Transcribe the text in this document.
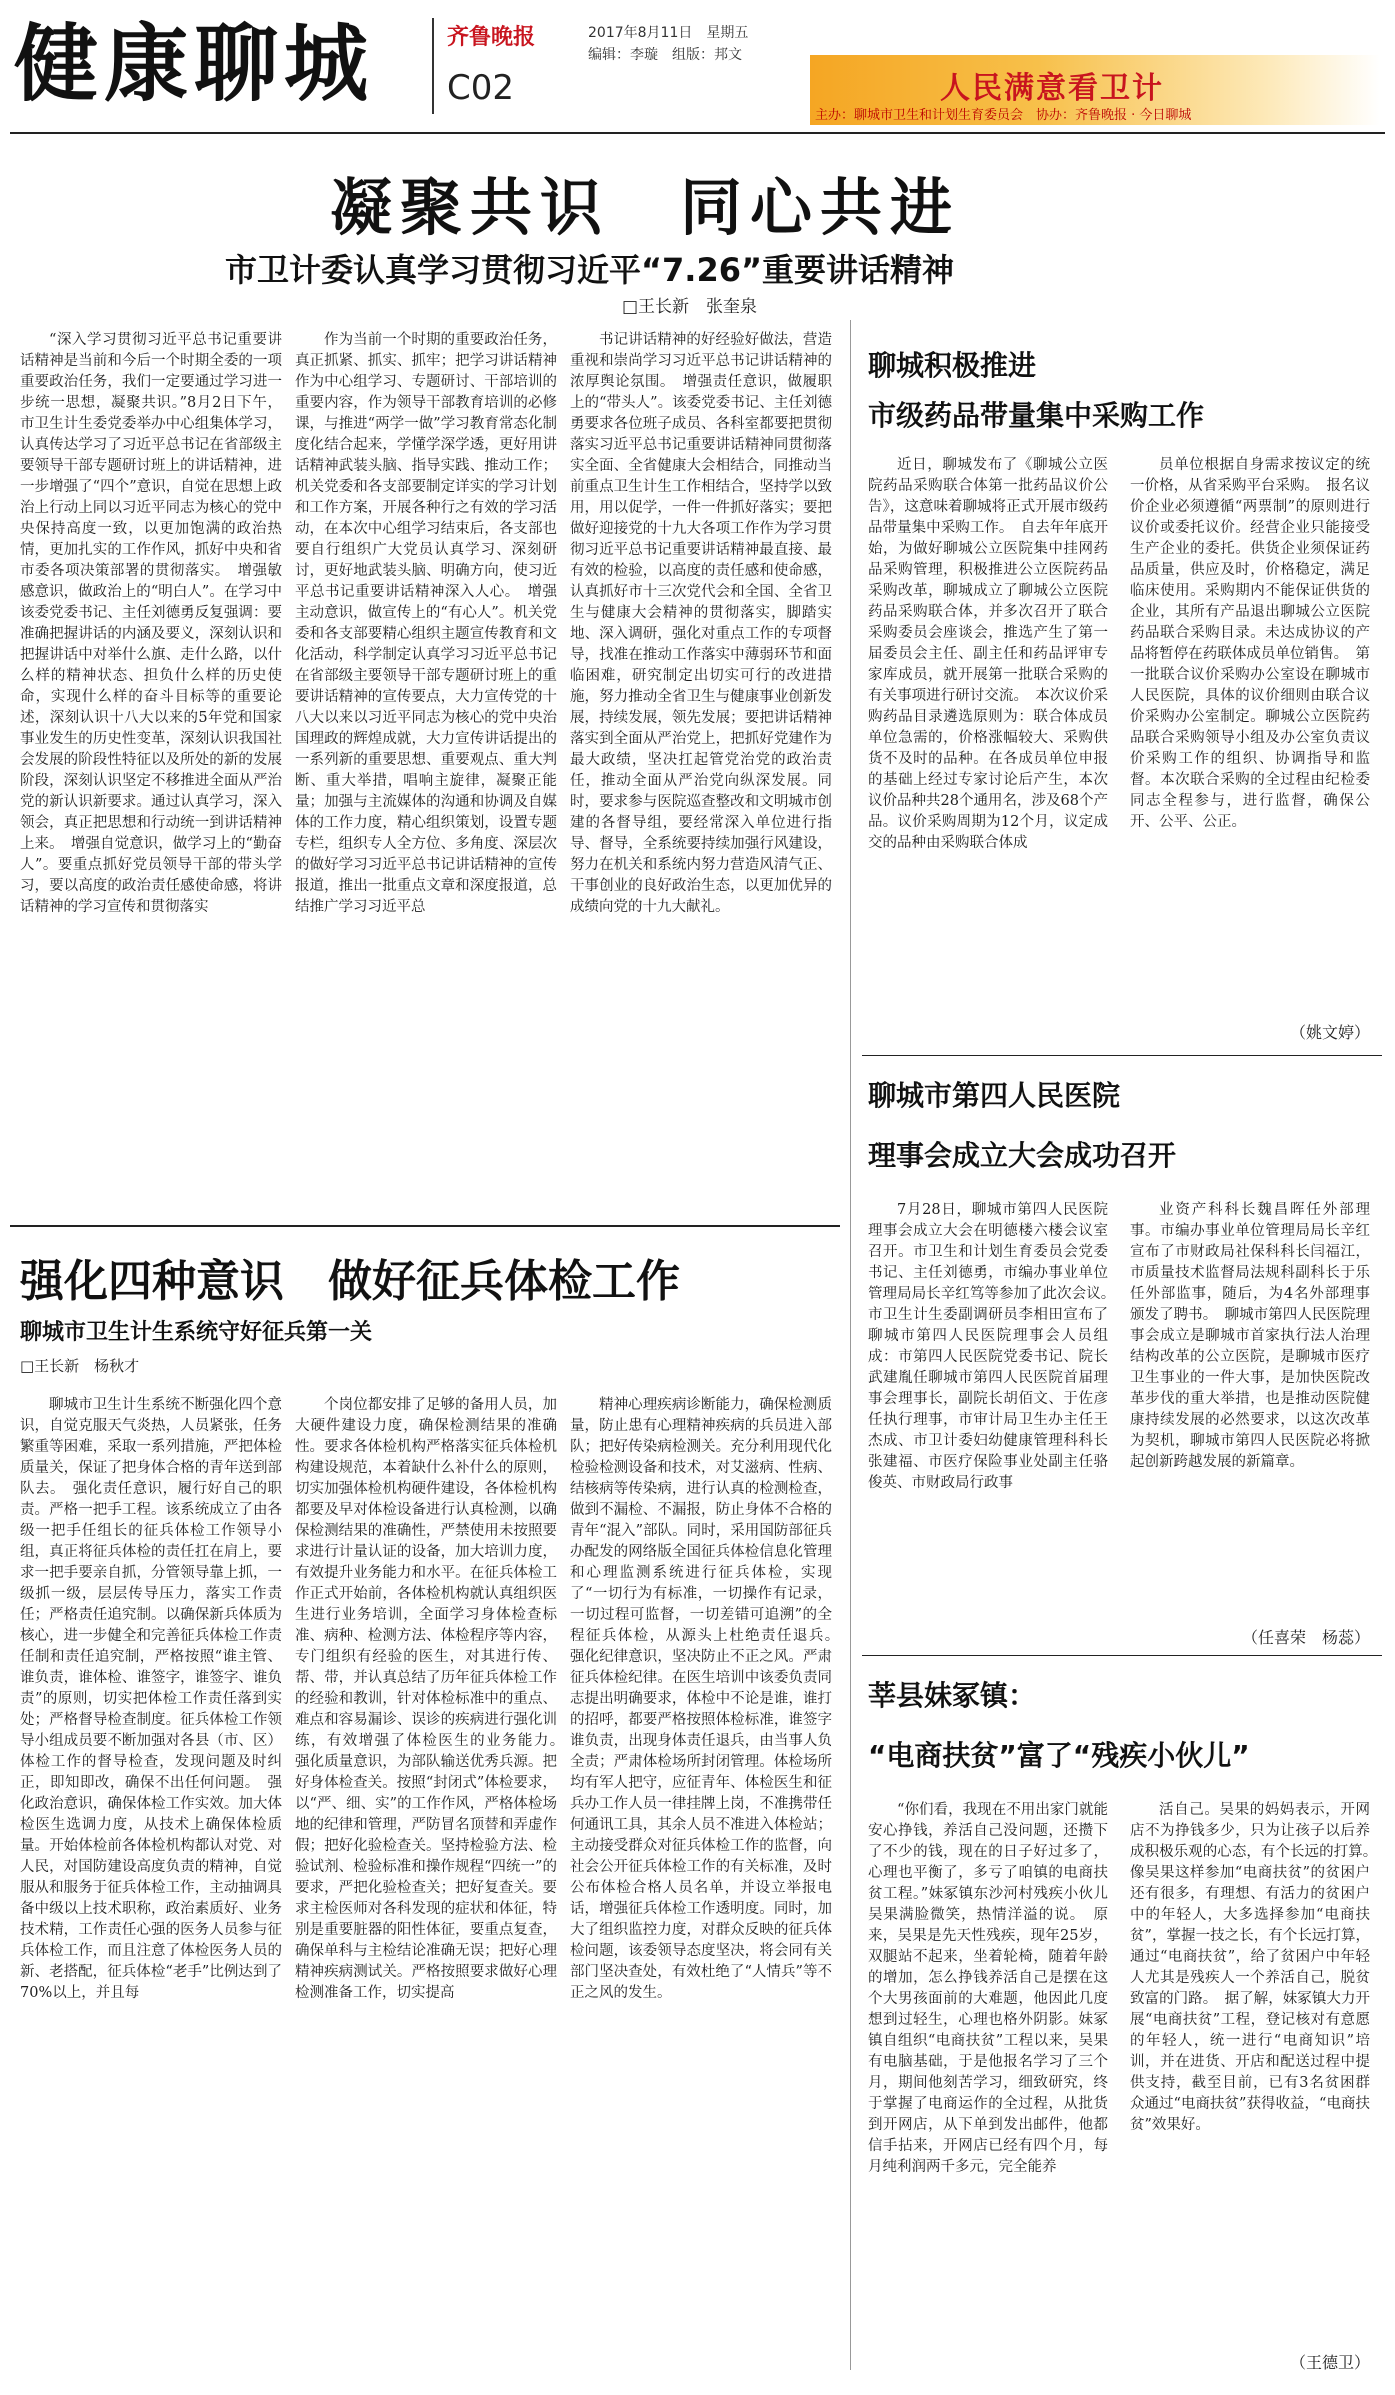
健康聊城	齐鲁晚报
C02
2017年8月11日　星期五
编辑：李璇　组版：邦文
人民满意看卫计
主办：聊城市卫生和计划生育委员会　协办：齐鲁晚报 · 今日聊城
凝聚共识　同心共进
市卫计委认真学习贯彻习近平“7.26”重要讲话精神
□王长新　张奎泉

“深入学习贯彻习近平总书记重要讲话精神是当前和今后一个时期全委的一项重要政治任务，我们一定要通过学习进一步统一思想，凝聚共识。”8月2日下午，市卫生计生委党委举办中心组集体学习，认真传达学习了习近平总书记在省部级主要领导干部专题研讨班上的讲话精神，进一步增强了“四个”意识，自觉在思想上政治上行动上同以习近平同志为核心的党中央保持高度一致，以更加饱满的政治热情，更加扎实的工作作风，抓好中央和省市委各项决策部署的贯彻落实。　增强敏感意识，做政治上的“明白人”。在学习中该委党委书记、主任刘德勇反复强调：要准确把握讲话的内涵及要义，深刻认识和把握讲话中对举什么旗、走什么路，以什么样的精神状态、担负什么样的历史使命，实现什么样的奋斗目标等的重要论述，深刻认识十八大以来的5年党和国家事业发生的历史性变革，深刻认识我国社会发展的阶段性特征以及所处的新的发展阶段，深刻认识坚定不移推进全面从严治党的新认识新要求。通过认真学习，深入领会，真正把思想和行动统一到讲话精神上来。　增强自觉意识，做学习上的“勤奋人”。要重点抓好党员领导干部的带头学习，要以高度的政治责任感使命感，将讲话精神的学习宣传和贯彻落实

作为当前一个时期的重要政治任务，真正抓紧、抓实、抓牢；把学习讲话精神作为中心组学习、专题研讨、干部培训的重要内容，作为领导干部教育培训的必修课，与推进“两学一做”学习教育常态化制度化结合起来，学懂学深学透，更好用讲话精神武装头脑、指导实践、推动工作；机关党委和各支部要制定详实的学习计划和工作方案，开展各种行之有效的学习活动，在本次中心组学习结束后，各支部也要自行组织广大党员认真学习、深刻研讨，更好地武装头脑、明确方向，使习近平总书记重要讲话精神深入人心。　增强主动意识，做宣传上的“有心人”。机关党委和各支部要精心组织主题宣传教育和文化活动，科学制定认真学习习近平总书记在省部级主要领导干部专题研讨班上的重要讲话精神的宣传要点，大力宣传党的十八大以来以习近平同志为核心的党中央治国理政的辉煌成就，大力宣传讲话提出的一系列新的重要思想、重要观点、重大判断、重大举措，唱响主旋律，凝聚正能量；加强与主流媒体的沟通和协调及自媒体的工作力度，精心组织策划，设置专题专栏，组织专人全方位、多角度、深层次的做好学习习近平总书记讲话精神的宣传报道，推出一批重点文章和深度报道，总结推广学习习近平总

书记讲话精神的好经验好做法，营造重视和崇尚学习习近平总书记讲话精神的浓厚舆论氛围。　增强责任意识，做履职上的“带头人”。该委党委书记、主任刘德勇要求各位班子成员、各科室都要把贯彻落实习近平总书记重要讲话精神同贯彻落实全面、全省健康大会相结合，同推动当前重点卫生计生工作相结合，坚持学以致用，用以促学，一件一件抓好落实；要把做好迎接党的十九大各项工作作为学习贯彻习近平总书记重要讲话精神最直接、最有效的检验，以高度的责任感和使命感，认真抓好市十三次党代会和全国、全省卫生与健康大会精神的贯彻落实，脚踏实地、深入调研，强化对重点工作的专项督导，找准在推动工作落实中薄弱环节和面临困难，研究制定出切实可行的改进措施，努力推动全省卫生与健康事业创新发展，持续发展，领先发展；要把讲话精神落实到全面从严治党上，把抓好党建作为最大政绩，坚决扛起管党治党的政治责任，推动全面从严治党向纵深发展。同时，要求参与医院巡查整改和文明城市创建的各督导组，要经常深入单位进行指导、督导，全系统要持续加强行风建设，努力在机关和系统内努力营造风清气正、干事创业的良好政治生态，以更加优异的成绩向党的十九大献礼。

强化四种意识　做好征兵体检工作
聊城市卫生计生系统守好征兵第一关
□王长新　杨秋才

聊城市卫生计生系统不断强化四个意识，自觉克服天气炎热，人员紧张，任务繁重等困难，采取一系列措施，严把体检质量关，保证了把身体合格的青年送到部队去。　强化责任意识，履行好自己的职责。严格一把手工程。该系统成立了由各级一把手任组长的征兵体检工作领导小组，真正将征兵体检的责任扛在肩上，要求一把手要亲自抓，分管领导靠上抓，一级抓一级，层层传导压力，落实工作责任；严格责任追究制。以确保新兵体质为核心，进一步健全和完善征兵体检工作责任制和责任追究制，严格按照“谁主管、谁负责，谁体检、谁签字，谁签字、谁负责”的原则，切实把体检工作责任落到实处；严格督导检查制度。征兵体检工作领导小组成员要不断加强对各县（市、区）体检工作的督导检查，发现问题及时纠正，即知即改，确保不出任何问题。　强化政治意识，确保体检工作实效。加大体检医生选调力度，从技术上确保体检质量。开始体检前各体检机构都认对党、对人民，对国防建设高度负责的精神，自觉服从和服务于征兵体检工作，主动抽调具备中级以上技术职称，政治素质好、业务技术精，工作责任心强的医务人员参与征兵体检工作，而且注意了体检医务人员的新、老搭配，征兵体检“老手”比例达到了70%以上，并且每

个岗位都安排了足够的备用人员，加大硬件建设力度，确保检测结果的准确性。要求各体检机构严格落实征兵体检机构建设规范，本着缺什么补什么的原则，切实加强体检机构硬件建设，各体检机构都要及早对体检设备进行认真检测，以确保检测结果的准确性，严禁使用未按照要求进行计量认证的设备，加大培训力度，有效提升业务能力和水平。在征兵体检工作正式开始前，各体检机构就认真组织医生进行业务培训，全面学习身体检查标准、病种、检测方法、体检程序等内容，专门组织有经验的医生，对其进行传、帮、带，并认真总结了历年征兵体检工作的经验和教训，针对体检标准中的重点、难点和容易漏诊、误诊的疾病进行强化训练，有效增强了体检医生的业务能力。　强化质量意识，为部队输送优秀兵源。把好身体检查关。按照“封闭式”体检要求，以“严、细、实”的工作作风，严格体检场地的纪律和管理，严防冒名顶替和弄虚作假；把好化验检查关。坚持检验方法、检验试剂、检验标准和操作规程“四统一”的要求，严把化验检查关；把好复查关。要求主检医师对各科发现的症状和体征，特别是重要脏器的阳性体征，要重点复查，确保单科与主检结论准确无误；把好心理精神疾病测试关。严格按照要求做好心理检测准备工作，切实提高

精神心理疾病诊断能力，确保检测质量，防止患有心理精神疾病的兵员进入部队；把好传染病检测关。充分利用现代化检验检测设备和技术，对艾滋病、性病、结核病等传染病，进行认真的检测检查，做到不漏检、不漏报，防止身体不合格的青年“混入”部队。同时，采用国防部征兵办配发的网络版全国征兵体检信息化管理和心理监测系统进行征兵体检，实现了“一切行为有标准，一切操作有记录，一切过程可监督，一切差错可追溯”的全程征兵体检，从源头上杜绝责任退兵。　强化纪律意识，坚决防止不正之风。严肃征兵体检纪律。在医生培训中该委负责同志提出明确要求，体检中不论是谁，谁打的招呼，都要严格按照体检标准，谁签字谁负责，出现身体责任退兵，由当事人负全责；严肃体检场所封闭管理。体检场所均有军人把守，应征青年、体检医生和征兵办工作人员一律挂牌上岗，不准携带任何通讯工具，其余人员不准进入体检站；主动接受群众对征兵体检工作的监督，向社会公开征兵体检工作的有关标准，及时公布体检合格人员名单，并设立举报电话，增强征兵体检工作透明度。同时，加大了组织监控力度，对群众反映的征兵体检问题，该委领导态度坚决，将会同有关部门坚决查处，有效杜绝了“人情兵”等不正之风的发生。

聊城积极推进
市级药品带量集中采购工作

近日，聊城发布了《聊城公立医院药品采购联合体第一批药品议价公告》，这意味着聊城将正式开展市级药品带量集中采购工作。　自去年年底开始，为做好聊城公立医院集中挂网药品采购管理，积极推进公立医院药品采购改革，聊城成立了聊城公立医院药品采购联合体，并多次召开了联合采购委员会座谈会，推选产生了第一届委员会主任、副主任和药品评审专家库成员，就开展第一批联合采购的有关事项进行研讨交流。　本次议价采购药品目录遴选原则为：联合体成员单位急需的，价格涨幅较大、采购供货不及时的品种。在各成员单位申报的基础上经过专家讨论后产生，本次议价品种共28个通用名，涉及68个产品。议价采购周期为12个月，议定成交的品种由采购联合体成

员单位根据自身需求按议定的统一价格，从省采购平台采购。　报名议价企业必须遵循“两票制”的原则进行议价或委托议价。经营企业只能接受生产企业的委托。供货企业须保证药品质量，供应及时，价格稳定，满足临床使用。采购期内不能保证供货的企业，其所有产品退出聊城公立医院药品联合采购目录。未达成协议的产品将暂停在药联体成员单位销售。　第一批联合议价采购办公室设在聊城市人民医院，具体的议价细则由联合议价采购办公室制定。聊城公立医院药品联合采购领导小组及办公室负责议价采购工作的组织、协调指导和监督。本次联合采购的全过程由纪检委同志全程参与，进行监督，确保公开、公平、公正。

（姚文婷）
聊城市第四人民医院
理事会成立大会成功召开

7月28日，聊城市第四人民医院理事会成立大会在明德楼六楼会议室召开。市卫生和计划生育委员会党委书记、主任刘德勇，市编办事业单位管理局局长辛红笃等参加了此次会议。　市卫生计生委副调研员李相田宣布了聊城市第四人民医院理事会人员组成：市第四人民医院党委书记、院长武建胤任聊城市第四人民医院首届理事会理事长，副院长胡佰文、于佐彦任执行理事，市审计局卫生办主任王杰成、市卫计委妇幼健康管理科科长张建福、市医疗保险事业处副主任骆俊英、市财政局行政事

业资产科科长魏昌晖任外部理事。市编办事业单位管理局局长辛红宣布了市财政局社保科科长闫福江，市质量技术监督局法规科副科长于乐任外部监事，随后，为4名外部理事颁发了聘书。　聊城市第四人民医院理事会成立是聊城市首家执行法人治理结构改革的公立医院，是聊城市医疗卫生事业的一件大事，是加快医院改革步伐的重大举措，也是推动医院健康持续发展的必然要求，以这次改革为契机，聊城市第四人民医院必将掀起创新跨越发展的新篇章。

（任喜荣　杨蕊）
莘县妹冢镇：
“电商扶贫”富了“残疾小伙儿”

“你们看，我现在不用出家门就能安心挣钱，养活自己没问题，还攒下了不少的钱，现在的日子好过多了，心理也平衡了，多亏了咱镇的电商扶贫工程。”妹冢镇东沙河村残疾小伙儿吴果满脸微笑，热情洋溢的说。　原来，吴果是先天性残疾，现年25岁，双腿站不起来，坐着轮椅，随着年龄的增加，怎么挣钱养活自己是摆在这个大男孩面前的大难题，他因此几度想到过轻生，心理也格外阴影。妹冢镇自组织“电商扶贫”工程以来，吴果有电脑基础，于是他报名学习了三个月，期间他刻苦学习，细致研究，终于掌握了电商运作的全过程，从批货到开网店，从下单到发出邮件，他都信手拈来，开网店已经有四个月，每月纯利润两千多元，完全能养

活自己。吴果的妈妈表示，开网店不为挣钱多少，只为让孩子以后养成积极乐观的心态，有个长远的打算。　像吴果这样参加“电商扶贫”的贫困户还有很多，有理想、有活力的贫困户中的年轻人，大多选择参加“电商扶贫”，掌握一技之长，有个长远打算，通过“电商扶贫”，给了贫困户中年轻人尤其是残疾人一个养活自己，脱贫致富的门路。　据了解，妹冢镇大力开展“电商扶贫”工程，登记核对有意愿的年轻人，统一进行“电商知识”培训，并在进货、开店和配送过程中提供支持，截至目前，已有3名贫困群众通过“电商扶贫”获得收益，“电商扶贫”效果好。

（王德卫）
